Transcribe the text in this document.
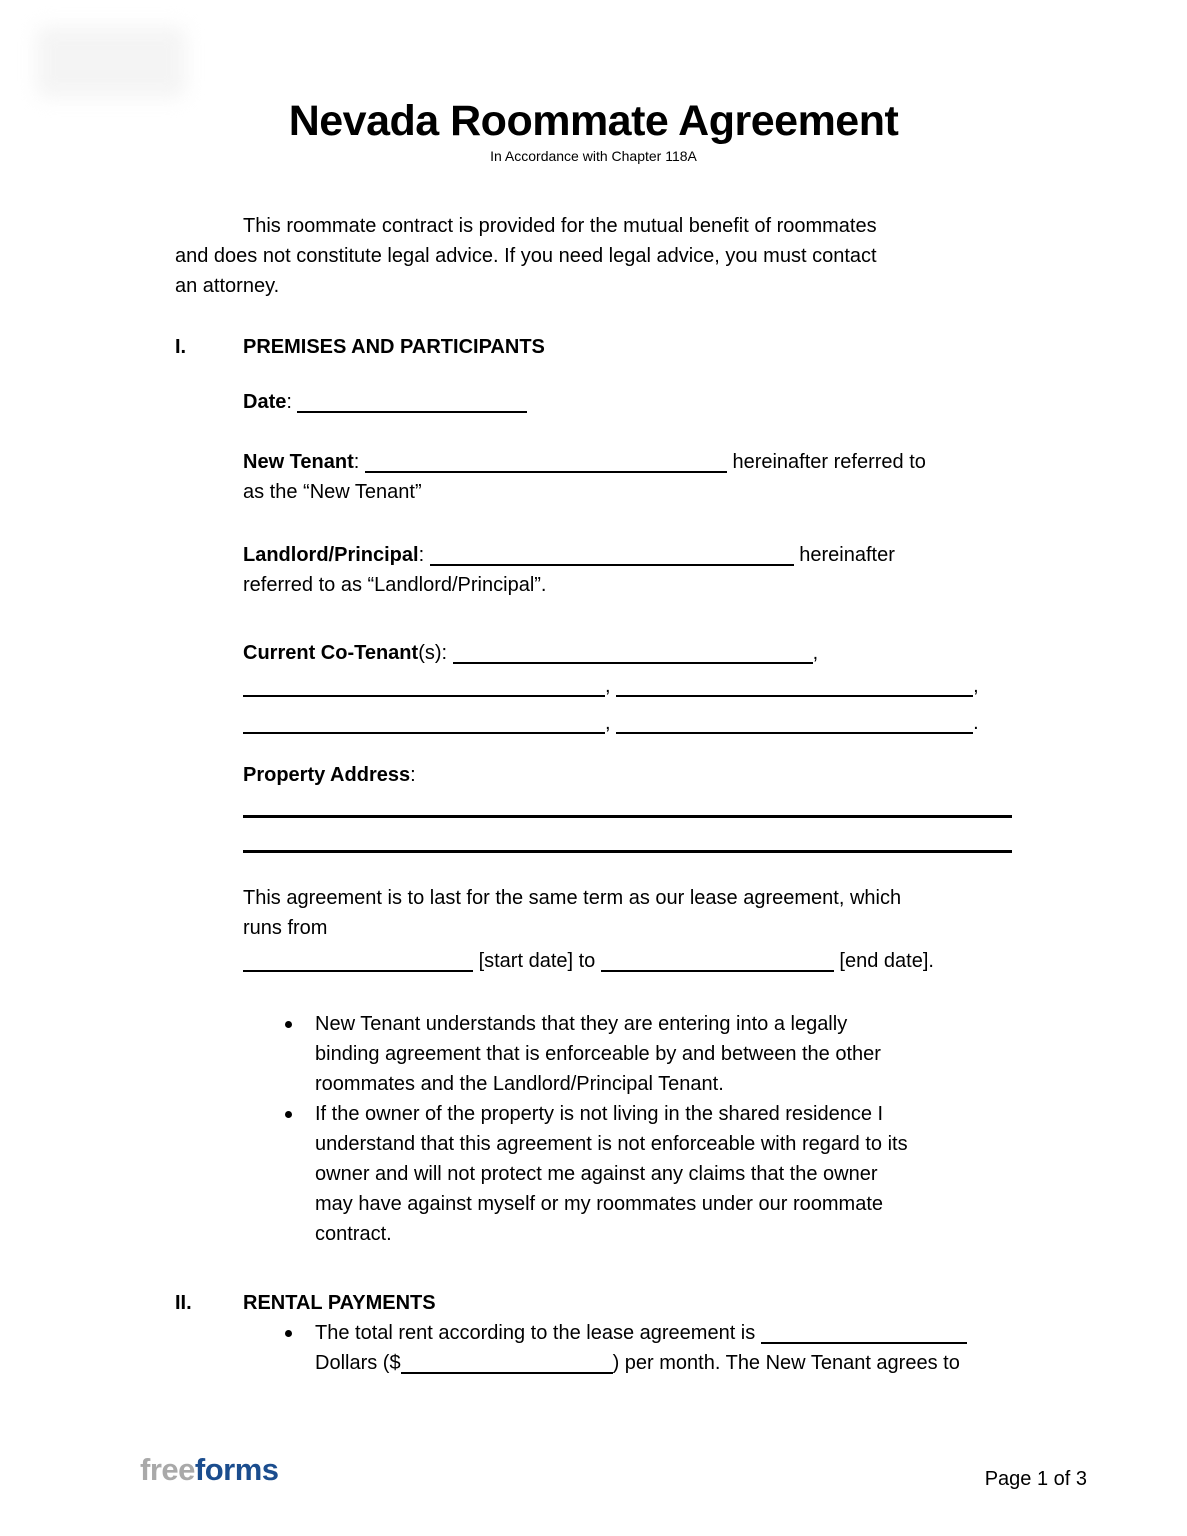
Nevada Roommate Agreement
In Accordance with Chapter 118A
This roommate contract is provided for the mutual benefit of roommates
and does not constitute legal advice. If you need legal advice, you must contact
an attorney.
I.	PREMISES AND PARTICIPANTS
Date:
New Tenant:	hereinafter referred to
as the “New Tenant”
Landlord/Principal:	hereinafter
referred to as “Landlord/Principal”.
Current Co-Tenant(s):	,
,	,
,	.
Property Address:
This agreement is to last for the same term as our lease agreement, which
runs from
[start date] to	[end date].
New Tenant understands that they are entering into a legally
binding agreement that is enforceable by and between the other
roommates and the Landlord/Principal Tenant.
If the owner of the property is not living in the shared residence I
understand that this agreement is not enforceable with regard to its
owner and will not protect me against any claims that the owner
may have against myself or my roommates under our roommate
contract.
II.	RENTAL PAYMENTS
The total rent according to the lease agreement is
Dollars ($	) per month. The New Tenant agrees to
freeforms	Page 1 of 3
